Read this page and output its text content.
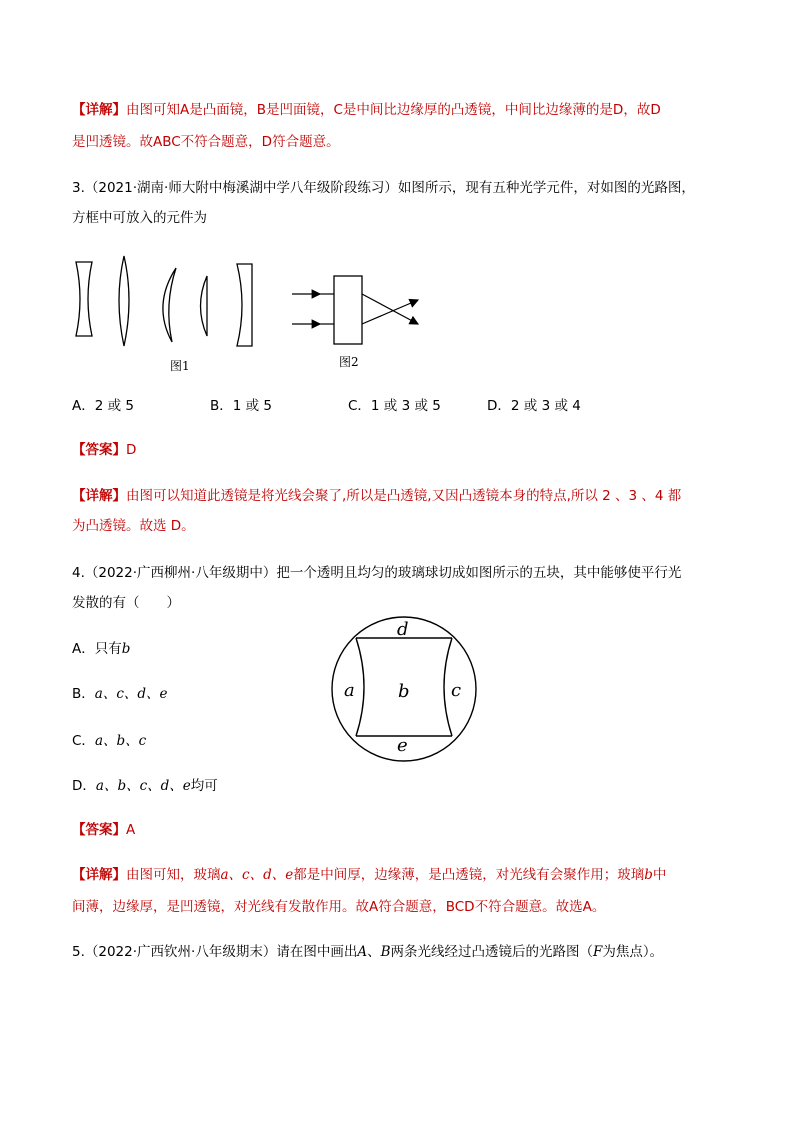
【详解】由图可知A是凸面镜，B是凹面镜，C是中间比边缘厚的凸透镜，中间比边缘薄的是D，故D
是凹透镜。故ABC不符合题意，D符合题意。
3.（2021·湖南·师大附中梅溪湖中学八年级阶段练习）如图所示，现有五种光学元件，对如图的光路图，
方框中可放入的元件为
图1	图2
A．2 或 5	B．1 或 5	C．1 或 3 或 5	D．2 或 3 或 4
【答案】D
【详解】由图可以知道此透镜是将光线会聚了,所以是凸透镜,又因凸透镜本身的特点,所以 2 、3 、4 都
为凸透镜。故选 D。
4.（2022·广西柳州·八年级期中）把一个透明且均匀的玻璃球切成如图所示的五块，其中能够使平行光
发散的有（　　）
A．只有b
B．a、c、d、e
C．a、b、c
D．a、b、c、d、e均可
d
a b c
e
【答案】A
【详解】由图可知，玻璃a、c、d、e都是中间厚，边缘薄，是凸透镜，对光线有会聚作用；玻璃b中
间薄，边缘厚，是凹透镜，对光线有发散作用。故A符合题意，BCD不符合题意。故选A。
5.（2022·广西钦州·八年级期末）请在图中画出A、B两条光线经过凸透镜后的光路图（F为焦点）。
